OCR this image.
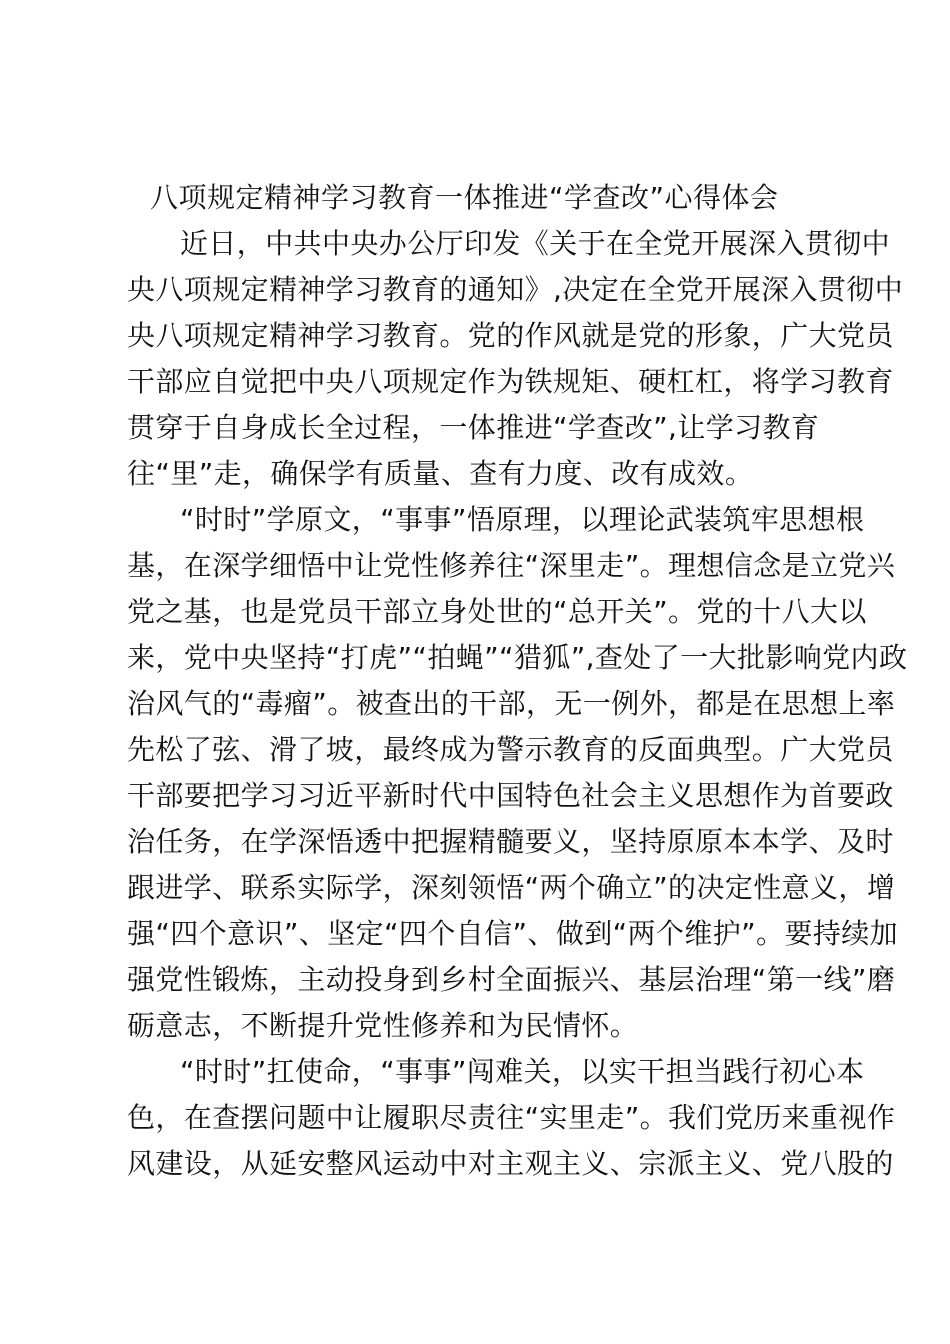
八项规定精神学习教育一体推进“学查改”心得体会
近日，中共中央办公厅印发《关于在全党开展深入贯彻中
央八项规定精神学习教育的通知》,决定在全党开展深入贯彻中
央八项规定精神学习教育。党的作风就是党的形象，广大党员
干部应自觉把中央八项规定作为铁规矩、硬杠杠，将学习教育
贯穿于自身成长全过程，一体推进“学查改”,让学习教育
往“里”走，确保学有质量、查有力度、改有成效。
“时时”学原文，“事事”悟原理，以理论武装筑牢思想根
基，在深学细悟中让党性修养往“深里走”。理想信念是立党兴
党之基，也是党员干部立身处世的“总开关”。党的十八大以
来，党中央坚持“打虎”“拍蝇”“猎狐”,查处了一大批影响党内政
治风气的“毒瘤”。被查出的干部，无一例外，都是在思想上率
先松了弦、滑了坡，最终成为警示教育的反面典型。广大党员
干部要把学习习近平新时代中国特色社会主义思想作为首要政
治任务，在学深悟透中把握精髓要义，坚持原原本本学、及时
跟进学、联系实际学，深刻领悟“两个确立”的决定性意义，增
强“四个意识”、坚定“四个自信”、做到“两个维护”。要持续加
强党性锻炼，主动投身到乡村全面振兴、基层治理“第一线”磨
砺意志，不断提升党性修养和为民情怀。
“时时”扛使命，“事事”闯难关，以实干担当践行初心本
色，在查摆问题中让履职尽责往“实里走”。我们党历来重视作
风建设，从延安整风运动中对主观主义、宗派主义、党八股的
